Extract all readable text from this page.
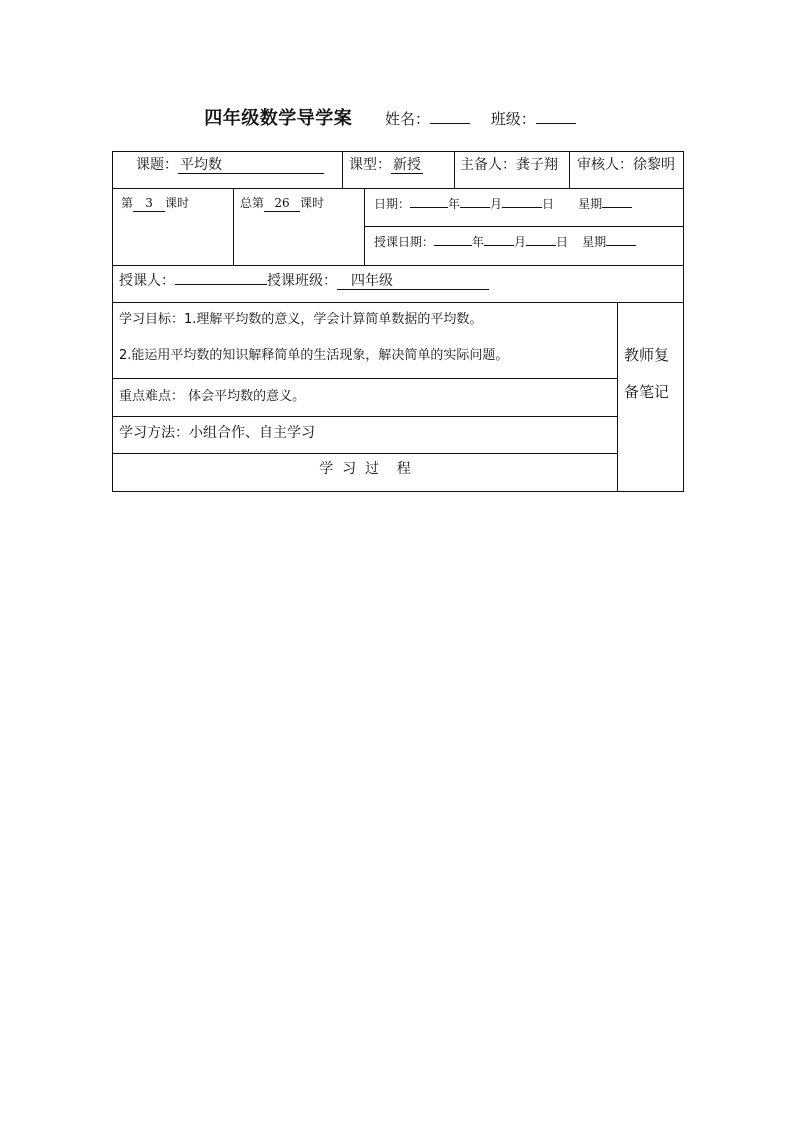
四年级数学导学案 姓名：	班级：
课题： 平均数	课型： 新授	主备人：龚子翔 审核人：徐黎明
第 3 课时	总第 26 课时	日期：	年	月	日 星期
授课日期：	年	月	日 星期
授课人：	授课班级： 四年级
学习目标：1.理解平均数的意义，学会计算简单数据的平均数。
2.能运用平均数的知识解释简单的生活现象，解决简单的实际问题。
重点难点： 体会平均数的意义。
学习方法：小组合作、自主学习
学  习  过    程
教师复
备笔记
